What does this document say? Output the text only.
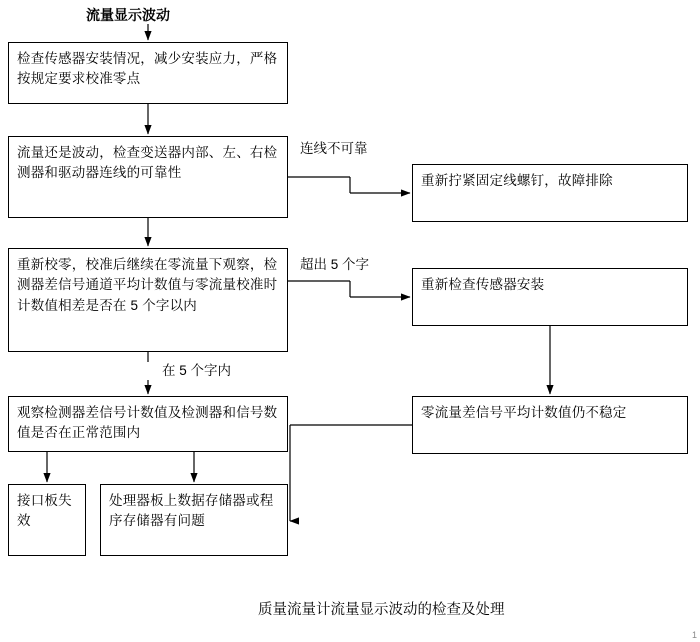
流量显示波动
检查传感器安装情况，减少安装应力，严格按规定要求校准零点
流量还是波动，检查变送器内部、左、右检测器和驱动器连线的可靠性
重新校零，校准后继续在零流量下观察，检测器差信号通道平均计数值与零流量校准时计数值相差是否在 5 个字以内
观察检测器差信号计数值及检测器和信号数值是否在正常范围内
接口板失效
处理器板上数据存储器或程序存储器有问题
重新拧紧固定线螺钉，故障排除
重新检查传感器安装
零流量差信号平均计数值仍不稳定
连线不可靠
超出 5 个字
在 5 个字内
质量流量计流量显示波动的检查及处理
1
